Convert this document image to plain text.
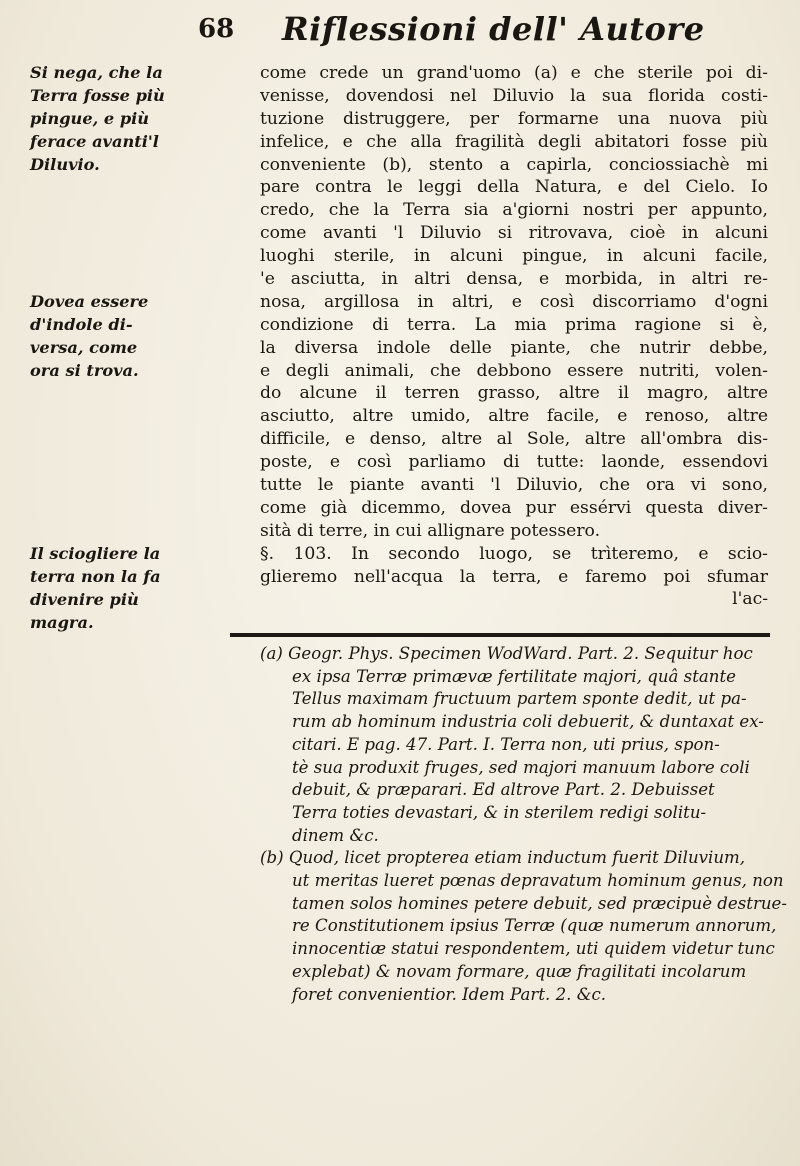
68 Riflessioni dell' Autore
Si nega, che la
Terra fosse più
pingue, e più
ferace avanti'l
Diluvio.
Dovea essere
d'indole di-
versa, come
ora si trova.
Il sciogliere la
terra non la fa
divenire più
magra.
come crede un grand'uomo (a) e che sterile poi di-
venisse, dovendosi nel Diluvio la sua florida costi-
tuzione distruggere, per formarne una nuova più
infelice, e che alla fragilità degli abitatori fosse più
conveniente (b), stento a capirla, conciossiachè mi
pare contra le leggi della Natura, e del Cielo. Io
credo, che la Terra sia a'giorni nostri per appunto,
come avanti 'l Diluvio si ritrovava, cioè in alcuni
luoghi sterile, in alcuni pingue, in alcuni facile,
'e asciutta, in altri densa, e morbida, in altri re-
nosa, argillosa in altri, e così discorriamo d'ogni
condizione di terra. La mia prima ragione si è,
la diversa indole delle piante, che nutrir debbe,
e degli animali, che debbono essere nutriti, volen-
do alcune il terren grasso, altre il magro, altre
asciutto, altre umido, altre facile, e renoso, altre
difficile, e denso, altre al Sole, altre all'ombra dis-
poste, e così parliamo di tutte: laonde, essendovi
tutte le piante avanti 'l Diluvio, che ora vi sono,
come già dicemmo, dovea pur essérvi questa diver-
sità di terre, in cui allignare potessero.
§. 103. In secondo luogo, se trìteremo, e scio-
glieremo nell'acqua la terra, e faremo poi sfumar
l'ac-
(a) Geogr. Phys. Specimen WodWard. Part. 2. Sequitur hoc
ex ipsa Terræ primævæ fertilitate majori, quâ stante
Tellus maximam fructuum partem sponte dedit, ut pa-
rum ab hominum industria coli debuerit, & duntaxat ex-
citari. E pag. 47. Part. I. Terra non, uti prius, spon-
tè sua produxit fruges, sed majori manuum labore coli
debuit, & præparari. Ed altrove Part. 2. Debuisset
Terra toties devastari, & in sterilem redigi solitu-
dinem &c.
(b) Quod, licet propterea etiam inductum fuerit Diluvium,
ut meritas lueret pœnas depravatum hominum genus, non
tamen solos homines petere debuit, sed præcipuè destrue-
re Constitutionem ipsius Terræ (quæ numerum annorum,
innocentiæ statui respondentem, uti quidem videtur tunc
explebat) & novam formare, quæ fragilitati incolarum
foret convenientior. Idem Part. 2. &c.
